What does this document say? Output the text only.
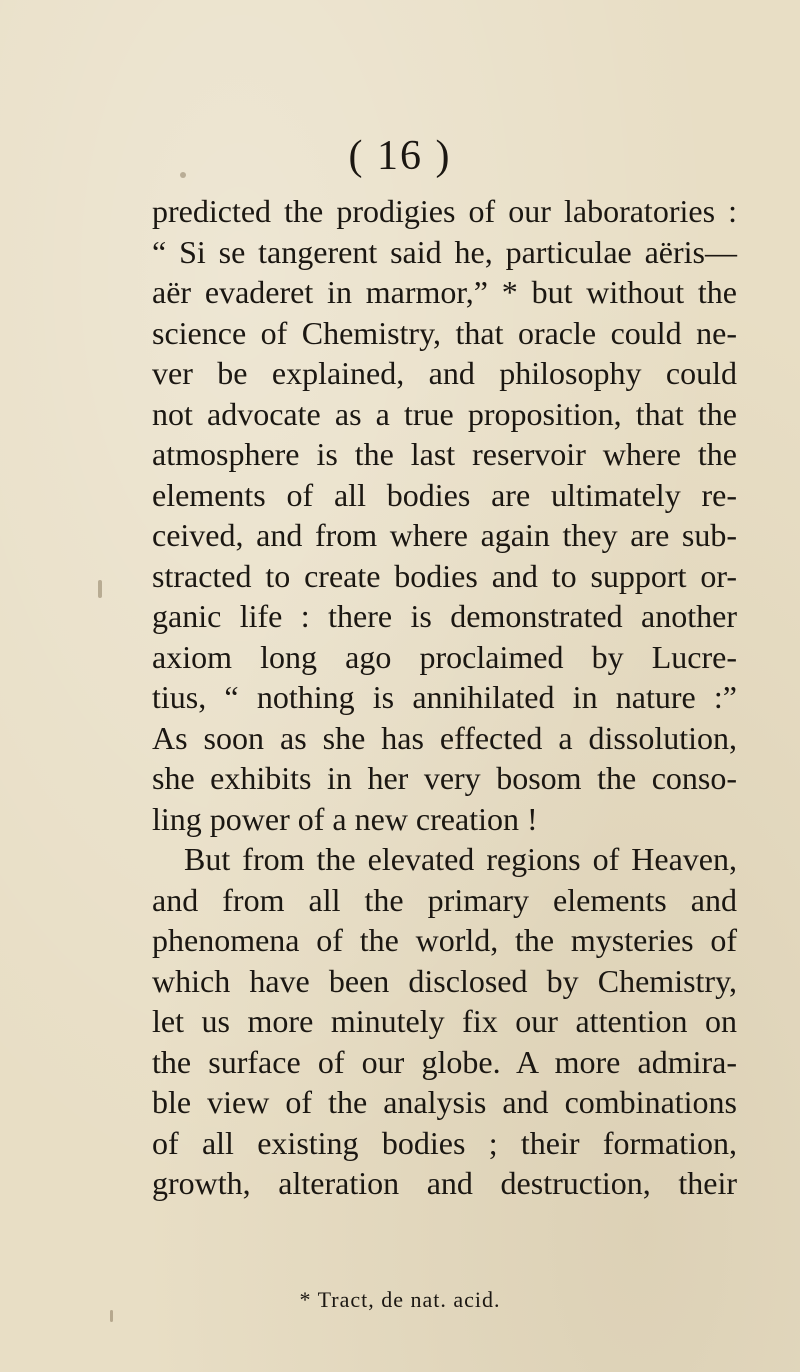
( 16 )
predicted the prodigies of our laboratories :
“ Si se tangerent said he, particulae aëris—
aër evaderet in marmor,” * but without the
science of Chemistry, that oracle could ne-
ver be explained, and philosophy could
not advocate as a true proposition, that the
atmosphere is the last reservoir where the
elements of all bodies are ultimately re-
ceived, and from where again they are sub-
stracted to create bodies and to support or-
ganic life : there is demonstrated another
axiom long ago proclaimed by Lucre-
tius, “ nothing is annihilated in nature :”
As soon as she has effected a dissolution,
she exhibits in her very bosom the conso-
ling power of a new creation !
But from the elevated regions of Heaven,
and from all the primary elements and
phenomena of the world, the mysteries of
which have been disclosed by Chemistry,
let us more minutely fix our attention on
the surface of our globe. A more admira-
ble view of the analysis and combinations
of all existing bodies ; their formation,
growth, alteration and destruction, their
* Tract, de nat. acid.
